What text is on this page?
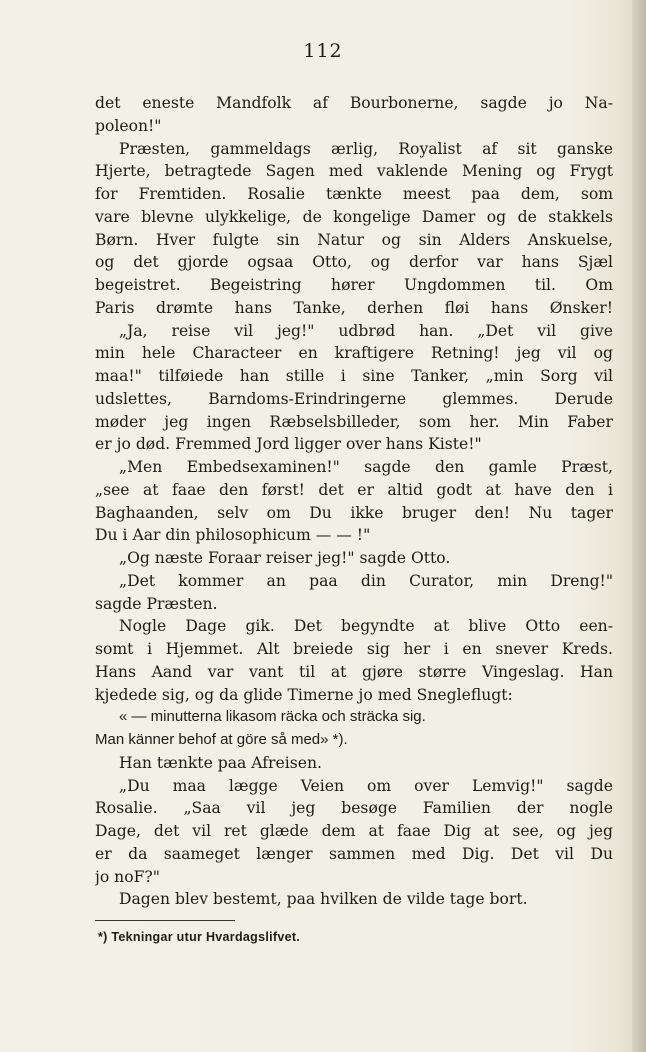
112
det eneste Mandfolk af Bourbonerne, sagde jo Na-
poleon!"
Præsten, gammeldags ærlig, Royalist af sit ganske
Hjerte, betragtede Sagen med vaklende Mening og Frygt
for Fremtiden. Rosalie tænkte meest paa dem, som
vare blevne ulykkelige, de kongelige Damer og de stakkels
Børn. Hver fulgte sin Natur og sin Alders Anskuelse,
og det gjorde ogsaa Otto, og derfor var hans Sjæl
begeistret. Begeistring hører Ungdommen til. Om
Paris drømte hans Tanke, derhen fløi hans Ønsker!
„Ja, reise vil jeg!" udbrød han. „Det vil give
min hele Characteer en kraftigere Retning! jeg vil og
maa!" tilføiede han stille i sine Tanker, „min Sorg vil
udslettes, Barndoms-Erindringerne glemmes. Derude
møder jeg ingen Ræbselsbilleder, som her. Min Faber
er jo død. Fremmed Jord ligger over hans Kiste!"
„Men Embedsexaminen!" sagde den gamle Præst,
„see at faae den først! det er altid godt at have den i
Baghaanden, selv om Du ikke bruger den! Nu tager
Du i Aar din philosophicum — — !"
„Og næste Foraar reiser jeg!" sagde Otto.
„Det kommer an paa din Curator, min Dreng!"
sagde Præsten.
Nogle Dage gik. Det begyndte at blive Otto een-
somt i Hjemmet. Alt breiede sig her i en snever Kreds.
Hans Aand var vant til at gjøre større Vingeslag. Han
kjedede sig, og da glide Timerne jo med Snegleflugt:
« — minutterna likasom räcka och sträcka sig.
Man känner behof at göre så med» *).
Han tænkte paa Afreisen.
„Du maa lægge Veien om over Lemvig!" sagde
Rosalie. „Saa vil jeg besøge Familien der nogle
Dage, det vil ret glæde dem at faae Dig at see, og jeg
er da saameget længer sammen med Dig. Det vil Du
jo noF?"
Dagen blev bestemt, paa hvilken de vilde tage bort.
*) Tekningar utur Hvardagslifvet.
